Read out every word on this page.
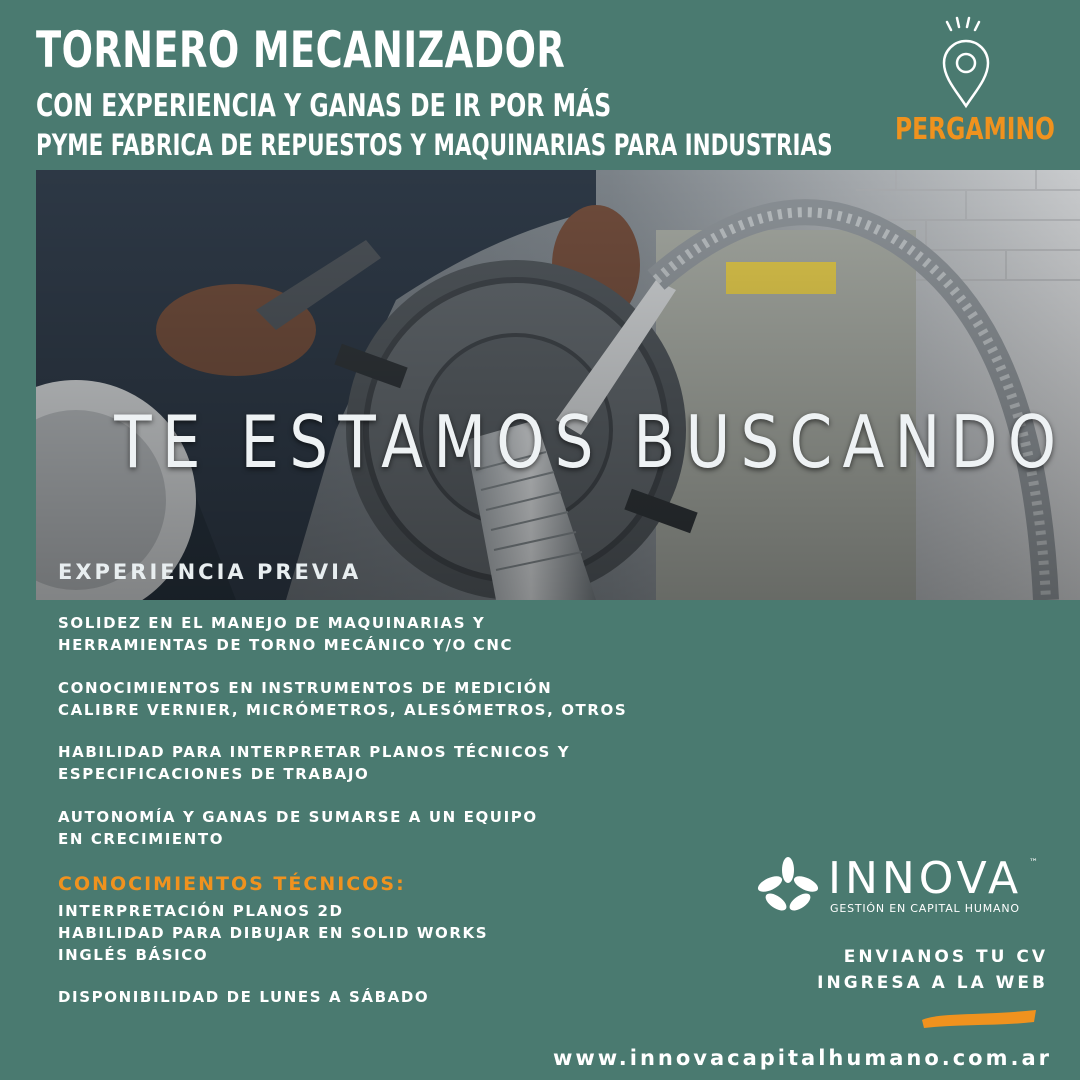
TORNERO MECANIZADOR
CON EXPERIENCIA Y GANAS DE IR POR MÁS
PYME FABRICA DE REPUESTOS Y MAQUINARIAS PARA INDUSTRIAS PERGAMINO
TE ESTAMOS BUSCANDO
EXPERIENCIA PREVIA
SOLIDEZ EN EL MANEJO DE MAQUINARIAS Y
HERRAMIENTAS DE TORNO MECÁNICO Y/O CNC
CONOCIMIENTOS EN INSTRUMENTOS DE MEDICIÓN
CALIBRE VERNIER, MICRÓMETROS, ALESÓMETROS, OTROS
HABILIDAD PARA INTERPRETAR PLANOS TÉCNICOS Y
ESPECIFICACIONES DE TRABAJO
AUTONOMÍA Y GANAS DE SUMARSE A UN EQUIPO
EN CRECIMIENTO
CONOCIMIENTOS TÉCNICOS:
INTERPRETACIÓN PLANOS 2D
HABILIDAD PARA DIBUJAR EN SOLID WORKS
INGLÉS BÁSICO
DISPONIBILIDAD DE LUNES A SÁBADO
INNOVA ™
GESTIÓN EN CAPITAL HUMANO
ENVIANOS TU CV
INGRESA A LA WEB
www.innovacapitalhumano.com.ar
